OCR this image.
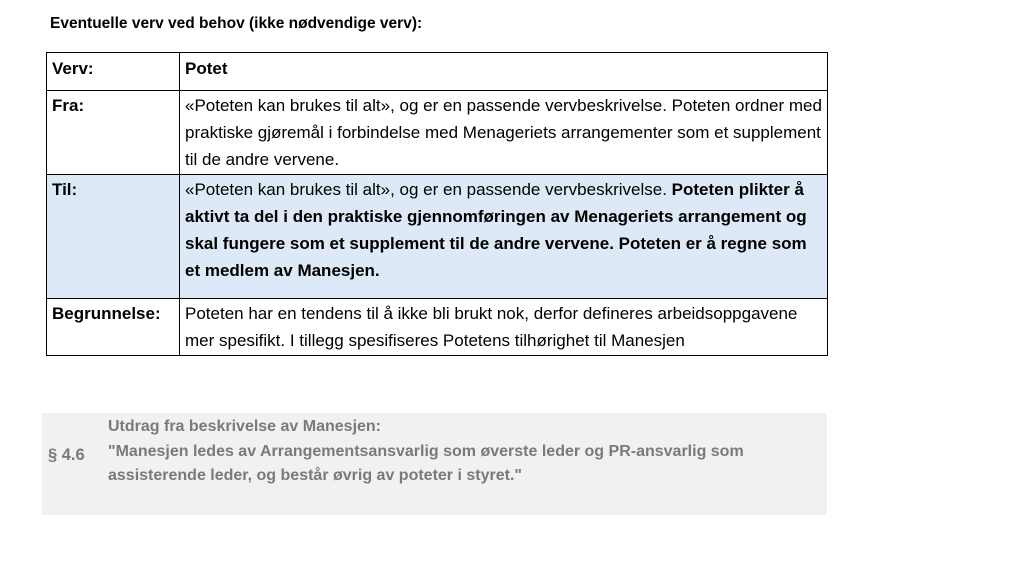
Eventuelle verv ved behov (ikke nødvendige verv):
Verv:	Potet
Fra:	«Poteten kan brukes til alt», og er en passende vervbeskrivelse. Poteten ordner med praktiske gjøremål i forbindelse med Menageriets arrangementer som et supplement til de andre vervene.
Til:	«Poteten kan brukes til alt», og er en passende vervbeskrivelse. Poteten plikter å aktivt ta del i den praktiske gjennomføringen av Menageriets arrangement og skal fungere som et supplement til de andre vervene. Poteten er å regne som et medlem av Manesjen.
Begrunnelse:	Poteten har en tendens til å ikke bli brukt nok, derfor defineres arbeidsoppgavene mer spesifikt. I tillegg spesifiseres Potetens tilhørighet til Manesjen
§ 4.6
Utdrag fra beskrivelse av Manesjen:
"Manesjen ledes av Arrangementsansvarlig som øverste leder og PR-ansvarlig som assisterende leder, og består øvrig av poteter i styret."
